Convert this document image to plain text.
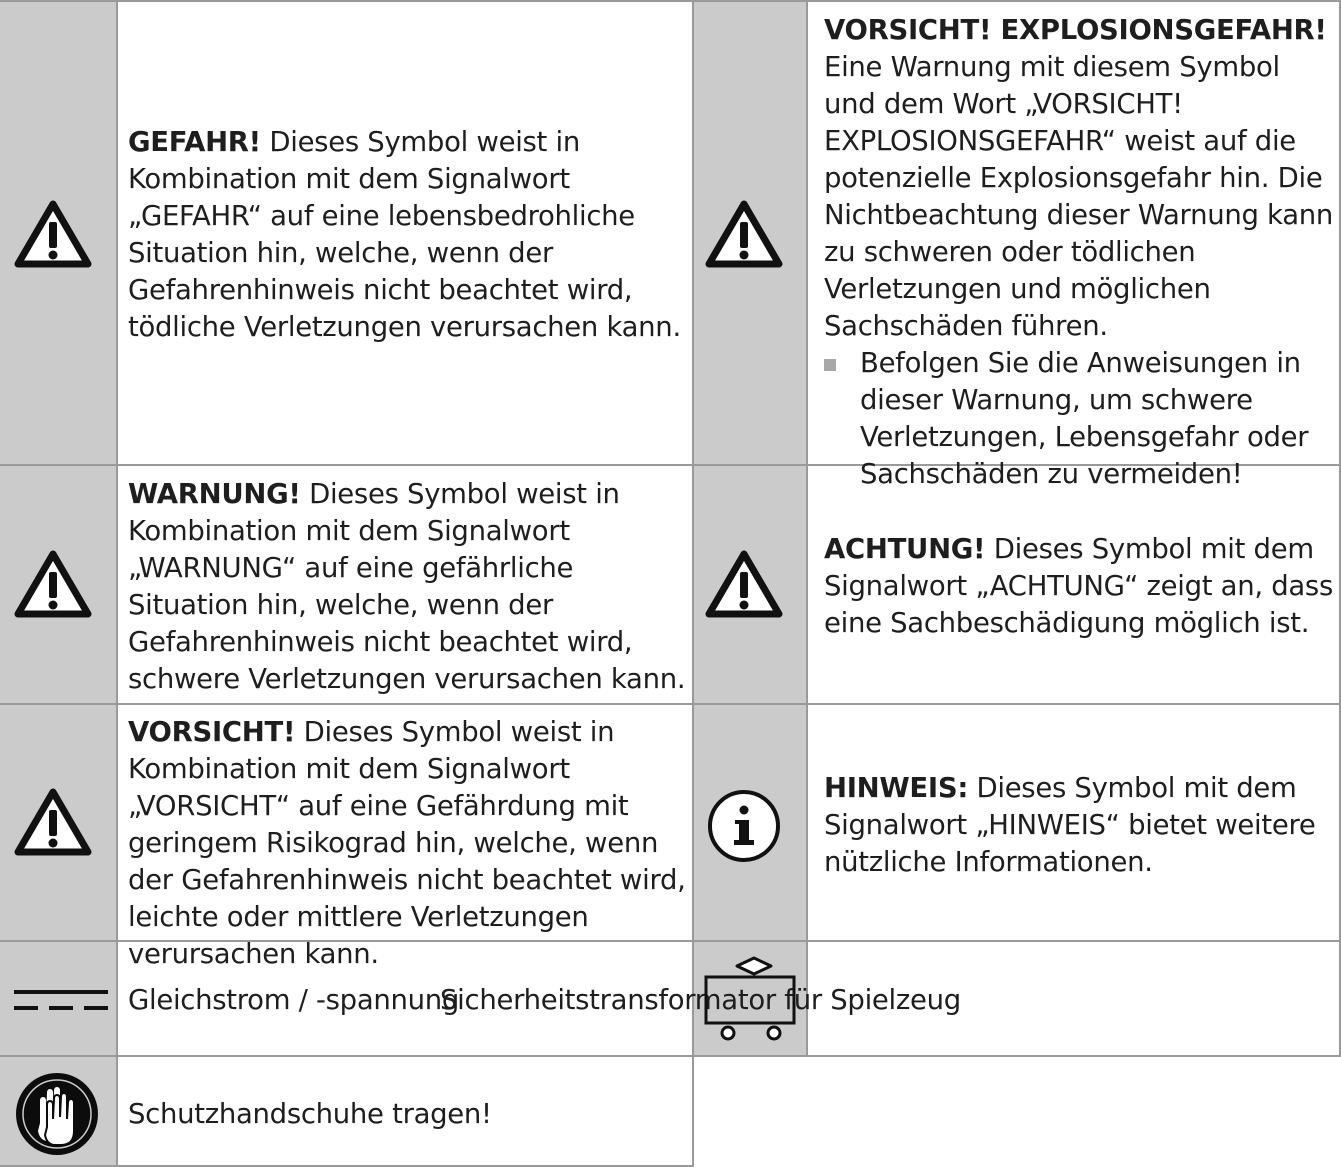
GEFAHR! Dieses Symbol weist in Kombination mit dem Signalwort „GEFAHR“ auf eine lebensbedrohliche Situation hin, welche, wenn der Gefahrenhinweis nicht beachtet wird, tödliche Verletzungen verursachen kann.
VORSICHT! EXPLOSIONSGEFAHR!
Eine Warnung mit diesem Symbol und dem Wort „VORSICHT! EXPLOSIONSGEFAHR“ weist auf die potenzielle Explosionsgefahr hin. Die Nichtbeachtung dieser Warnung kann zu schweren oder tödlichen Verletzungen und möglichen Sachschäden führen.
Befolgen Sie die Anweisungen in dieser Warnung, um schwere Verletzungen, Lebensgefahr oder Sachschäden zu vermeiden!
WARNUNG! Dieses Symbol weist in Kombination mit dem Signalwort „WARNUNG“ auf eine gefährliche Situation hin, welche, wenn der Gefahrenhinweis nicht beachtet wird, schwere Verletzungen verursachen kann.
ACHTUNG! Dieses Symbol mit dem Signalwort „ACHTUNG“ zeigt an, dass eine Sachbeschädigung möglich ist.
VORSICHT! Dieses Symbol weist in Kombination mit dem Signalwort „VORSICHT“ auf eine Gefährdung mit geringem Risikograd hin, welche, wenn der Gefahrenhinweis nicht beachtet wird, leichte oder mittlere Verletzungen verursachen kann.
HINWEIS: Dieses Symbol mit dem Signalwort „HINWEIS“ bietet weitere nützliche Informationen.
Gleichstrom / -spannung
Sicherheitstransformator für Spielzeug
Schutzhandschuhe tragen!
